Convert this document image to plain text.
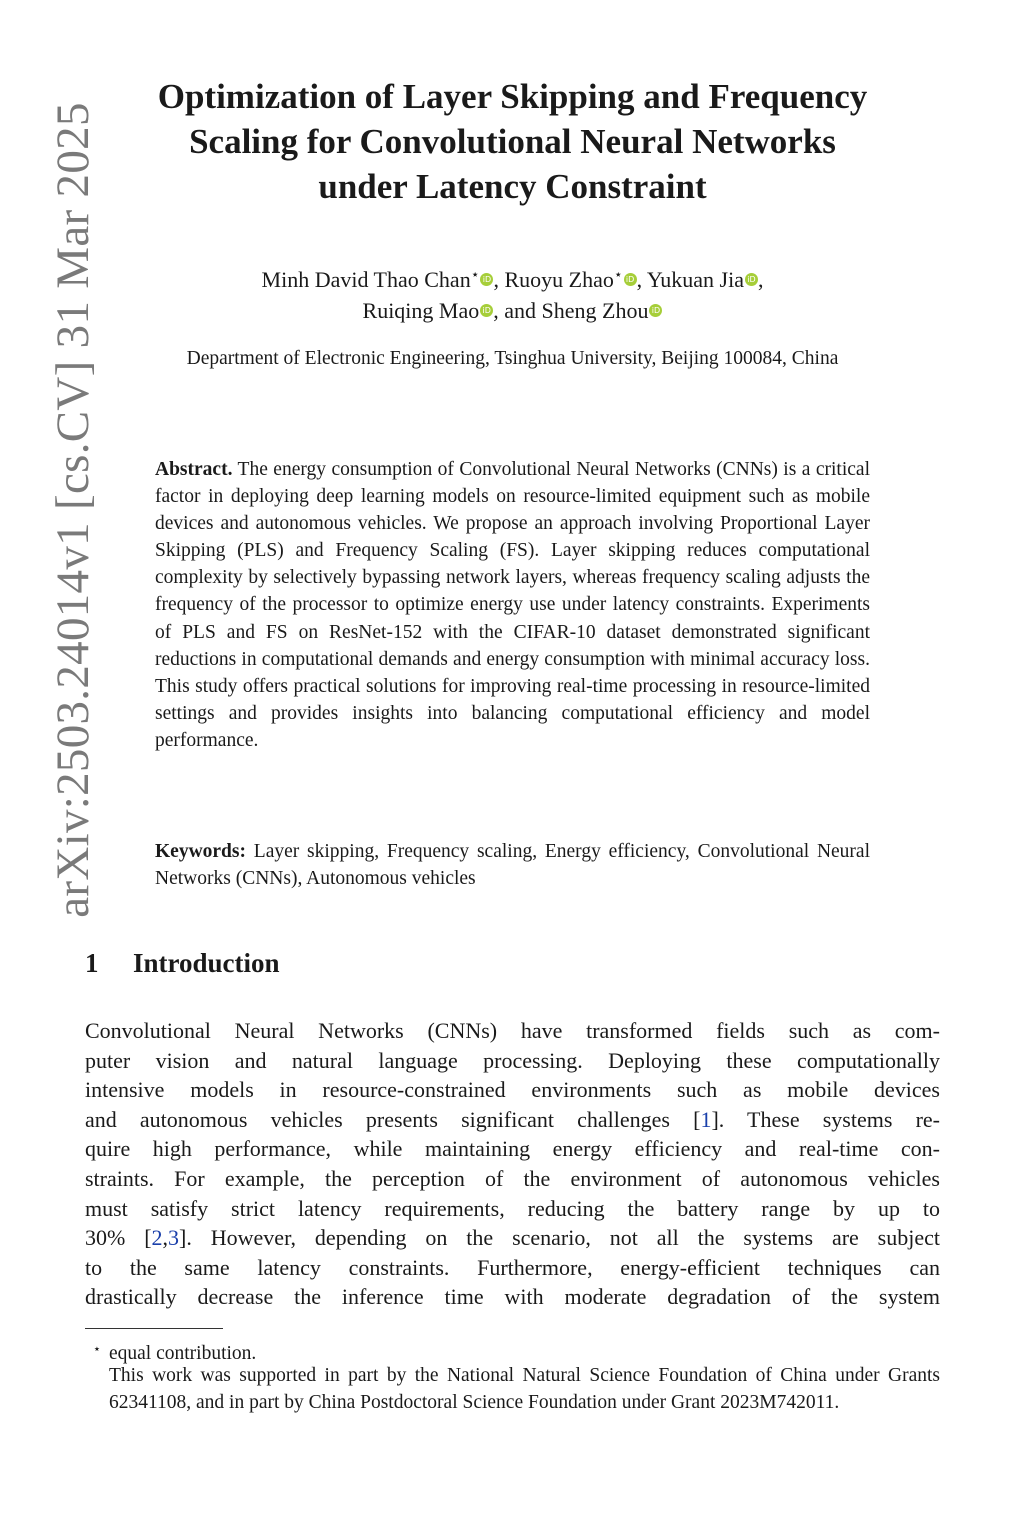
arXiv:2503.24014v1 [cs.CV] 31 Mar 2025
Optimization of Layer Skipping and Frequency
Scaling for Convolutional Neural Networks
under Latency Constraint
Minh David Thao Chan⋆ iD , Ruoyu Zhao⋆ iD , Yukuan Jia iD ,
Ruiqing Mao iD , and Sheng Zhou iD
Department of Electronic Engineering, Tsinghua University, Beijing 100084, China
Abstract. The energy consumption of Convolutional Neural Networks (CNNs) is a critical factor in deploying deep learning models on resource-limited equipment such as mobile devices and autonomous vehicles. We propose an approach involving Proportional Layer Skipping (PLS) and Frequency Scaling (FS). Layer skipping reduces computational complexity by selectively bypassing network layers, whereas frequency scaling adjusts the frequency of the processor to optimize energy use under latency constraints. Experiments of PLS and FS on ResNet-152 with the CIFAR-10 dataset demonstrated significant reductions in computational demands and energy consumption with minimal accuracy loss. This study offers practical solutions for improving real-time processing in resource-limited settings and provides insights into balancing computational efficiency and model performance.
Keywords: Layer skipping, Frequency scaling, Energy efficiency, Convolutional Neural Networks (CNNs), Autonomous vehicles
1 Introduction
Convolutional Neural Networks (CNNs) have transformed fields such as com-
puter vision and natural language processing. Deploying these computationally
intensive models in resource-constrained environments such as mobile devices
and autonomous vehicles presents significant challenges [1]. These systems re-
quire high performance, while maintaining energy efficiency and real-time con-
straints. For example, the perception of the environment of autonomous vehicles
must satisfy strict latency requirements, reducing the battery range by up to
30% [2,3]. However, depending on the scenario, not all the systems are subject
to the same latency constraints. Furthermore, energy-efficient techniques can
drastically decrease the inference time with moderate degradation of the system
⋆ equal contribution.
This work was supported in part by the National Natural Science Foundation of China under Grants 62341108, and in part by China Postdoctoral Science Foundation under Grant 2023M742011.
